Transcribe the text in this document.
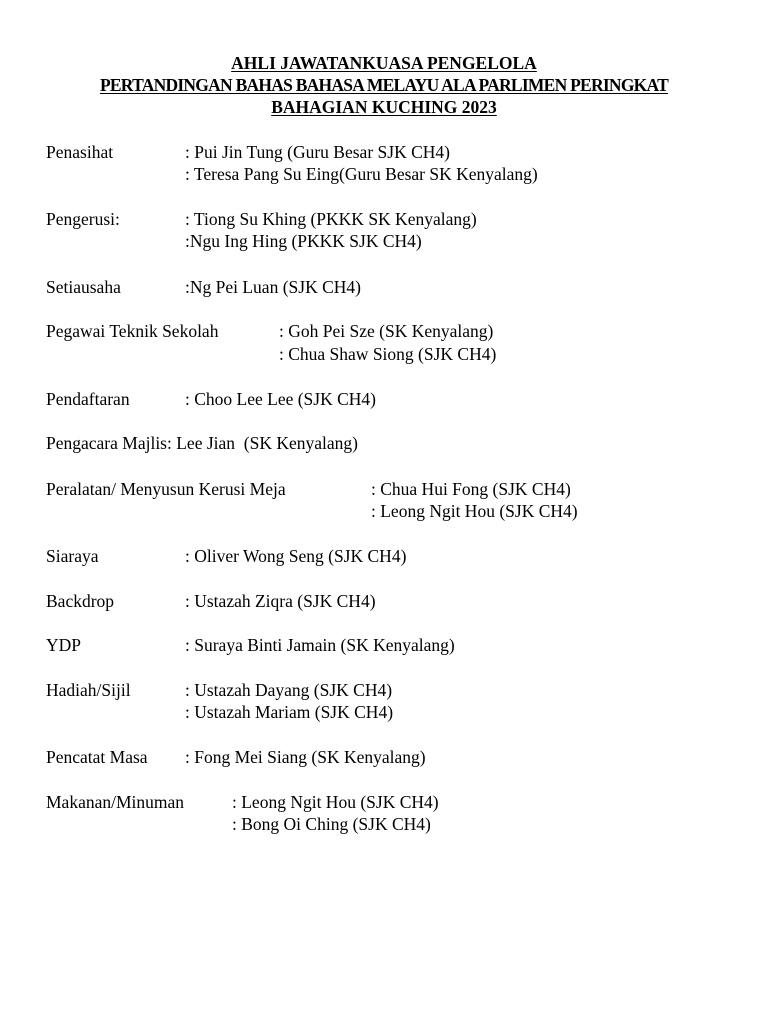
AHLI JAWATANKUASA PENGELOLA
PERTANDINGAN BAHAS BAHASA MELAYU ALA PARLIMEN PERINGKAT
BAHAGIAN KUCHING 2023
Penasihat	: Pui Jin Tung (Guru Besar SJK CH4)
: Teresa Pang Su Eing(Guru Besar SK Kenyalang)
Pengerusi:	: Tiong Su Khing (PKKK SK Kenyalang)
:Ngu Ing Hing (PKKK SJK CH4)
Setiausaha	:Ng Pei Luan (SJK CH4)
Pegawai Teknik Sekolah	: Goh Pei Sze (SK Kenyalang)
: Chua Shaw Siong (SJK CH4)
Pendaftaran	: Choo Lee Lee (SJK CH4)
Pengacara Majlis: Lee Jian  (SK Kenyalang)
Peralatan/ Menyusun Kerusi Meja	: Chua Hui Fong (SJK CH4)
: Leong Ngit Hou (SJK CH4)
Siaraya	: Oliver Wong Seng (SJK CH4)
Backdrop	: Ustazah Ziqra (SJK CH4)
YDP	: Suraya Binti Jamain (SK Kenyalang)
Hadiah/Sijil	: Ustazah Dayang (SJK CH4)
: Ustazah Mariam (SJK CH4)
Pencatat Masa : Fong Mei Siang (SK Kenyalang)
Makanan/Minuman	: Leong Ngit Hou (SJK CH4)
: Bong Oi Ching (SJK CH4)
